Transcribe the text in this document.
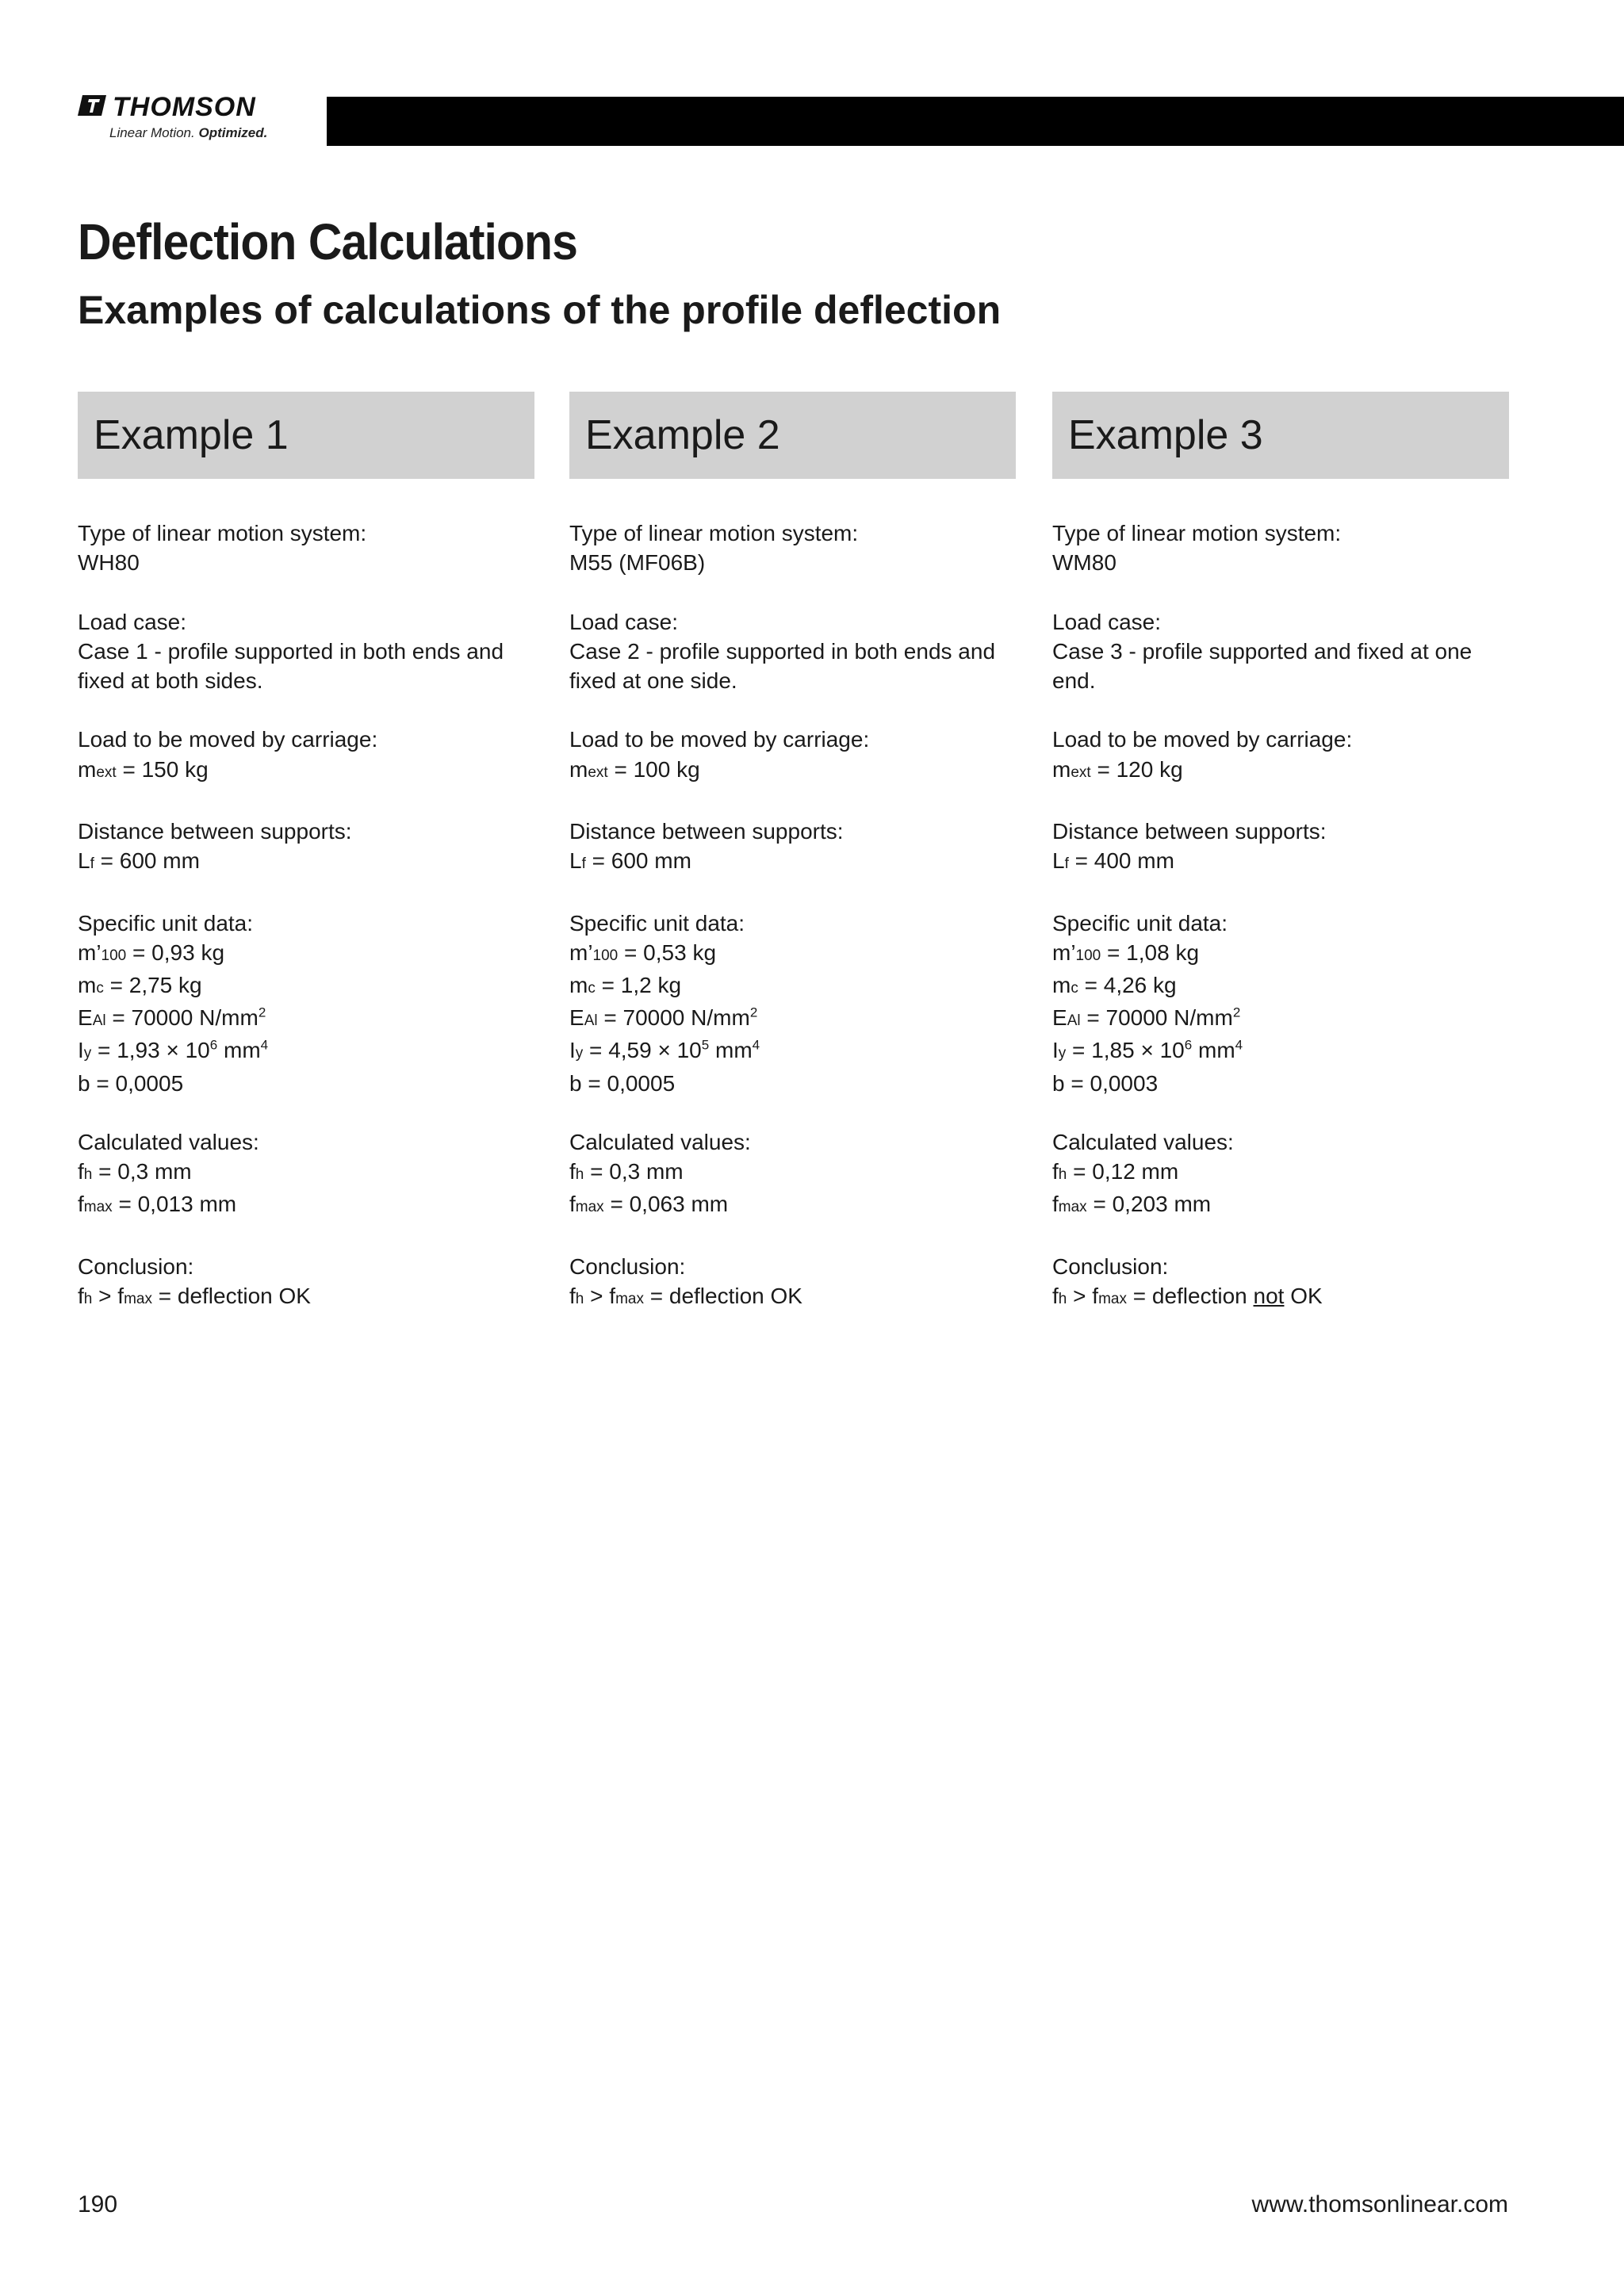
THOMSON
Linear Motion. Optimized.
Deflection Calculations
Examples of calculations of the profile deflection
Example 1
Type of linear motion system:
WH80
Load case:
Case 1 - profile supported in both ends and
fixed at both sides.
Load to be moved by carriage:
mext = 150 kg
Distance between supports:
Lf = 600 mm
Specific unit data:
m’100 = 0,93 kg
mc = 2,75 kg
EAl = 70000 $N/mm^2$
$Iy = 1,93 \times 10^6$ $mm^4$
b = 0,0005
Calculated values:
fh = 0,3 mm
fmax = 0,013 mm
Conclusion:
fh > fmax = deflection OK
Example 2
Type of linear motion system:
M55 (MF06B)
Load case:
Case 2 - profile supported in both ends and
fixed at one side.
Load to be moved by carriage:
mext = 100 kg
Distance between supports:
Lf = 600 mm
Specific unit data:
m’100 = 0,53 kg
mc = 1,2 kg
EAl = 70000 $N/mm^2$
$Iy = 4,59 \times 10^5$ $mm^4$
b = 0,0005
Calculated values:
fh = 0,3 mm
fmax = 0,063 mm
Conclusion:
fh > fmax = deflection OK
Example 3
Type of linear motion system:
WM80
Load case:
Case 3 - profile supported and fixed at one
end.
Load to be moved by carriage:
mext = 120 kg
Distance between supports:
Lf = 400 mm
Specific unit data:
m’100 = 1,08 kg
mc = 4,26 kg
EAl = 70000 $N/mm^2$
$Iy = 1,85 \times 10^6$ $mm^4$
b = 0,0003
Calculated values:
fh = 0,12 mm
fmax = 0,203 mm
Conclusion:
fh > fmax = deflection not OK
190	www.thomsonlinear.com
